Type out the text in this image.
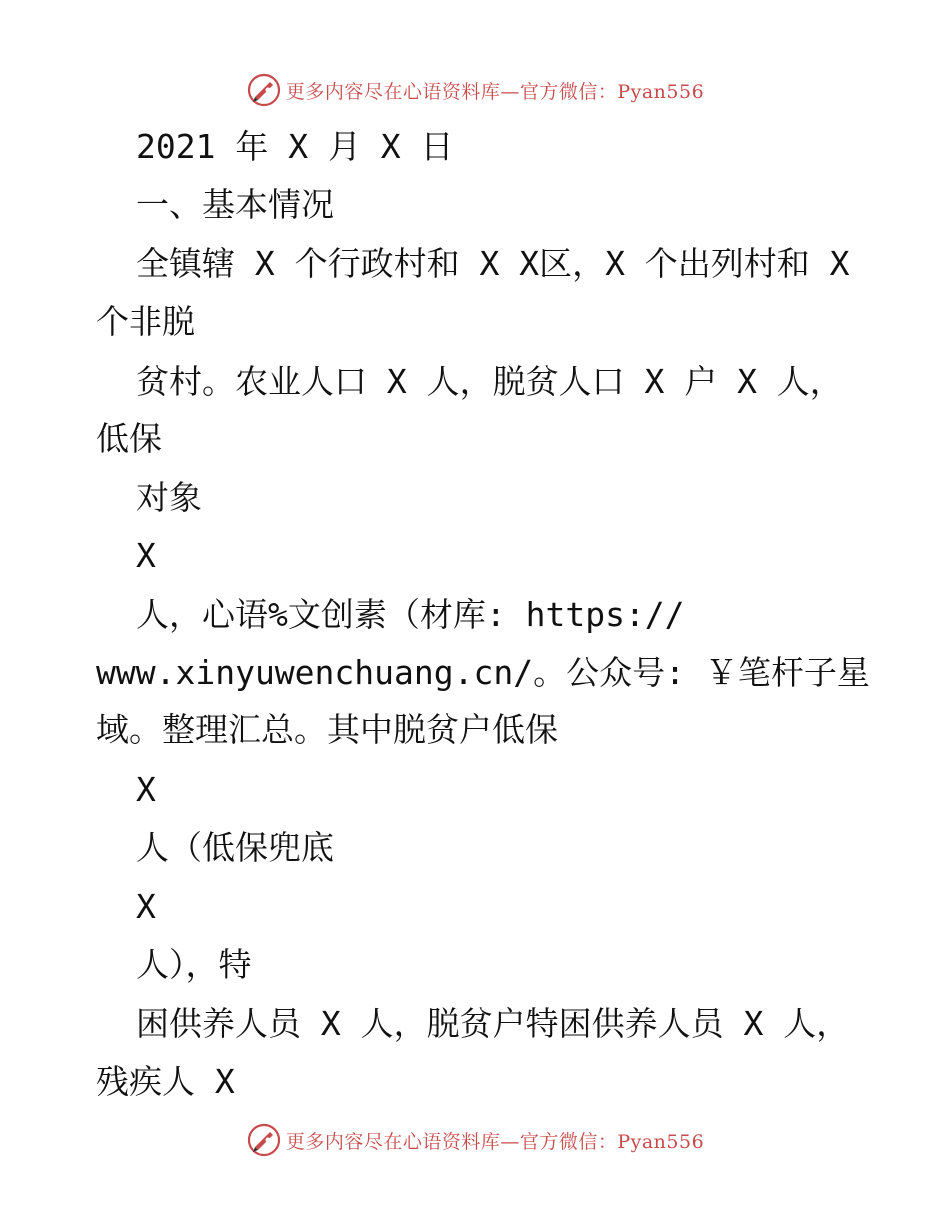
更多内容尽在心语资料库—官方微信：Pyan556
2021 年 X 月 X 日
一、基本情况
全镇辖 X 个行政村和 X X区，X 个出列村和 X
个非脱
贫村。农业人口 X 人，脱贫人口 X 户 X 人，
低保
对象
X
人，心语%文创素（材库: https://
www.xinyuwenchuang.cn/。公众号: ￥笔杆子星
域。整理汇总。其中脱贫户低保
X
人（低保兜底
X
人），特
困供养人员 X 人，脱贫户特困供养人员 X 人，
残疾人 X
更多内容尽在心语资料库—官方微信：Pyan556
